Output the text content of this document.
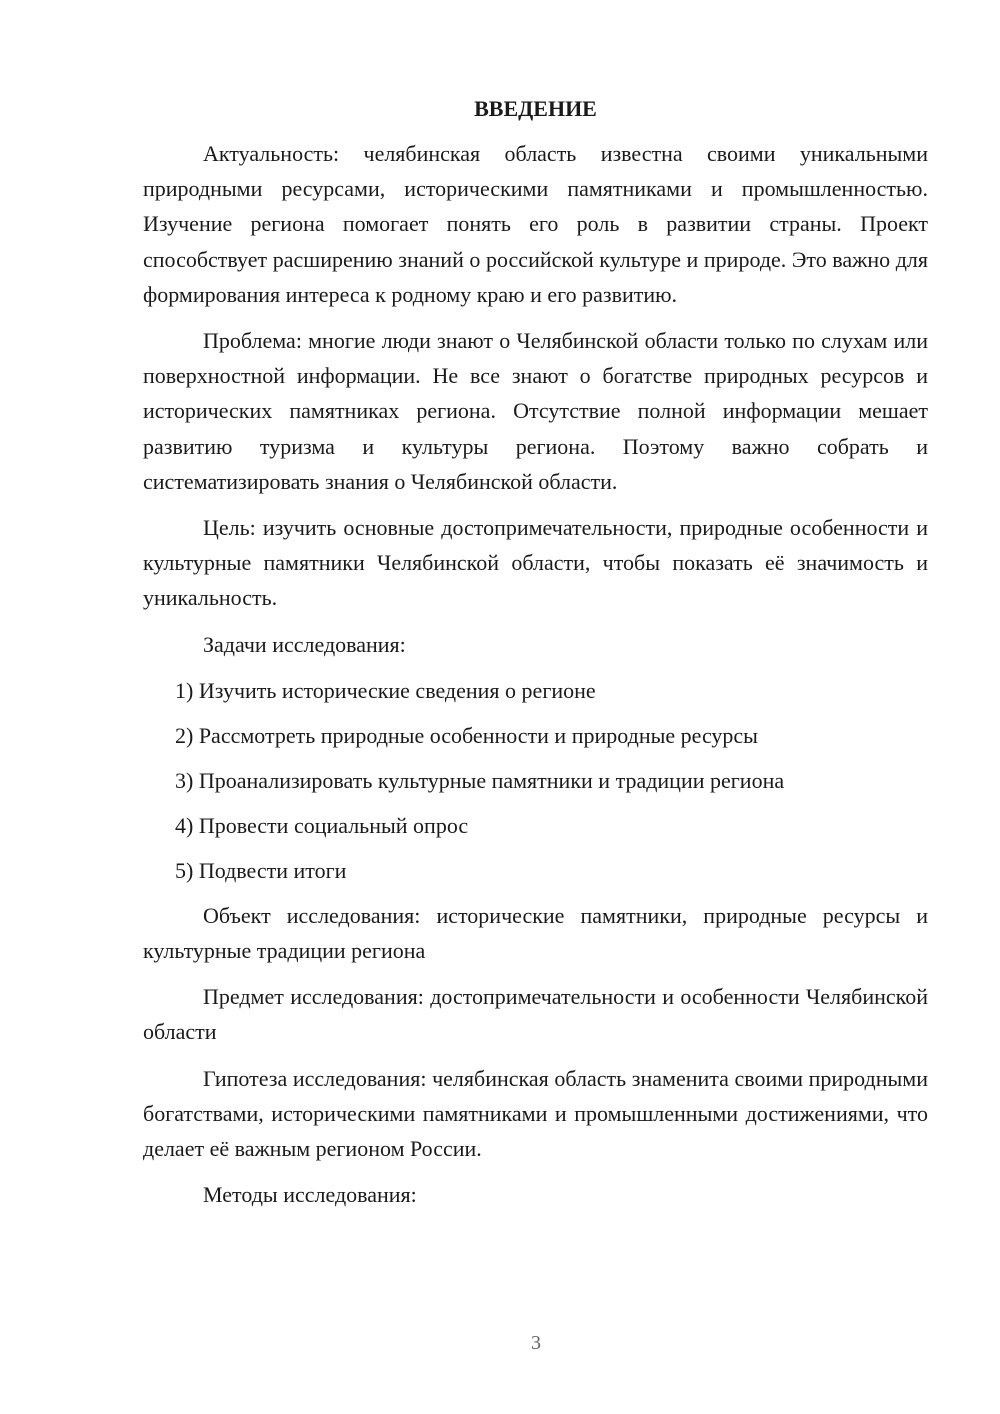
ВВЕДЕНИЕ

Актуальность: челябинская область известна своими уникальными природными ресурсами, историческими памятниками и промышленностью. Изучение региона помогает понять его роль в развитии страны. Проект способствует расширению знаний о российской культуре и природе. Это важно для формирования интереса к родному краю и его развитию.

Проблема: многие люди знают о Челябинской области только по слухам или поверхностной информации. Не все знают о богатстве природных ресурсов и исторических памятниках региона. Отсутствие полной информации мешает развитию туризма и культуры региона. Поэтому важно собрать и систематизировать знания о Челябинской области.

Цель: изучить основные достопримечательности, природные особенности и культурные памятники Челябинской области, чтобы показать её значимость и уникальность.

Задачи исследования:

1) Изучить исторические сведения о регионе
2) Рассмотреть природные особенности и природные ресурсы
3) Проанализировать культурные памятники и традиции региона
4) Провести социальный опрос
5) Подвести итоги

Объект исследования: исторические памятники, природные ресурсы и культурные традиции региона

Предмет исследования: достопримечательности и особенности Челябинской области

Гипотеза исследования: челябинская область знаменита своими природными богатствами, историческими памятниками и промышленными достижениями, что делает её важным регионом России.

Методы исследования:

3
